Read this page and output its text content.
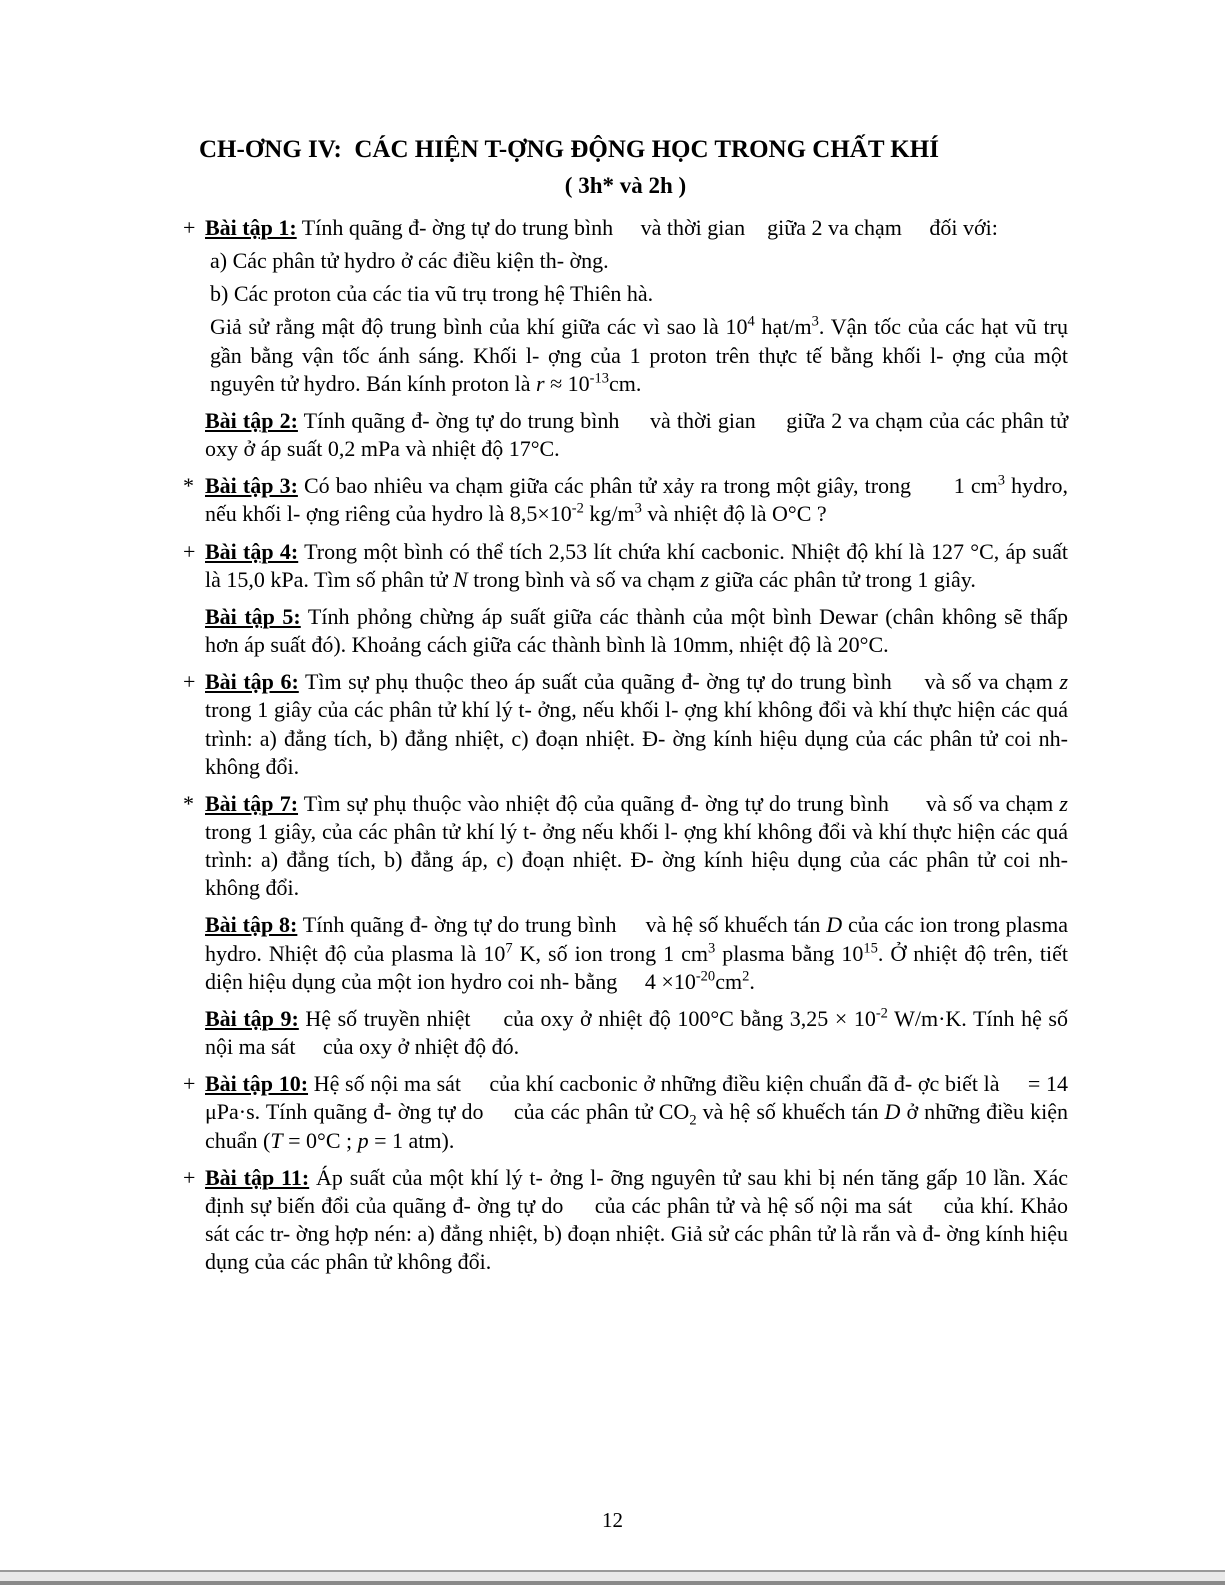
CH-ƠNG IV:  CÁC HIỆN T-ỢNG ĐỘNG HỌC TRONG CHẤT KHÍ
( 3h* và 2h )
+ Bài tập 1: Tính quãng đ- ờng tự do trung bình     và thời gian    giữa 2 va chạm     đối với:
a) Các phân tử hydro ở các điều kiện th- ờng.
b) Các proton của các tia vũ trụ trong hệ Thiên hà.
Giả sử rằng mật độ trung bình của khí giữa các vì sao là $10^4$ hạt/$m^3$. Vận tốc của các hạt vũ trụ gần bằng vận tốc ánh sáng. Khối l- ợng của 1 proton trên thực tế bằng khối l- ợng của một nguyên tử hydro. Bán kính proton là $r \approx 10^{-13}cm$.
Bài tập 2: Tính quãng đ- ờng tự do trung bình     và thời gian     giữa 2 va chạm của các phân tử oxy ở áp suất 0,2 mPa và nhiệt độ 17°C.
* Bài tập 3: Có bao nhiêu va chạm giữa các phân tử xảy ra trong một giây, trong       1 $cm^3$ hydro, nếu khối l- ợng riêng của hydro là $8,5\times 10^{-2}$ $kg/m^3$ và nhiệt độ là O°C ?
+ Bài tập 4: Trong một bình có thể tích 2,53 lít chứa khí cacbonic. Nhiệt độ khí là 127 °C, áp suất là 15,0 kPa. Tìm số phân tử N trong bình và số va chạm z giữa các phân tử trong 1 giây.
Bài tập 5: Tính phỏng chừng áp suất giữa các thành của một bình Dewar (chân không sẽ thấp hơn áp suất đó). Khoảng cách giữa các thành bình là 10mm, nhiệt độ là 20°C.
+ Bài tập 6: Tìm sự phụ thuộc theo áp suất của quãng đ- ờng tự do trung bình     và số va chạm z trong 1 giây của các phân tử khí lý t- ởng, nếu khối l- ợng khí không đổi và khí thực hiện các quá trình: a) đẳng tích, b) đẳng nhiệt, c) đoạn nhiệt. Đ- ờng kính hiệu dụng của các phân tử coi nh- không đổi.
* Bài tập 7: Tìm sự phụ thuộc vào nhiệt độ của quãng đ- ờng tự do trung bình      và số va chạm z trong 1 giây, của các phân tử khí lý t- ởng nếu khối l- ợng khí không đổi và khí thực hiện các quá trình: a) đẳng tích, b) đẳng áp, c) đoạn nhiệt. Đ- ờng kính hiệu dụng của các phân tử coi nh- không đổi.
Bài tập 8: Tính quãng đ- ờng tự do trung bình     và hệ số khuếch tán D của các ion trong plasma hydro. Nhiệt độ của plasma là $10^7$ K, số ion trong 1 $cm^3$ plasma bằng $10^{15}$. Ở nhiệt độ trên, tiết diện hiệu dụng của một ion hydro coi nh- bằng     $4 \times 10^{-20}cm^2$.
Bài tập 9: Hệ số truyền nhiệt     của oxy ở nhiệt độ 100°C bằng $3,25 \times 10^{-2}$ W/m·K. Tính hệ số nội ma sát     của oxy ở nhiệt độ đó.
+ Bài tập 10: Hệ số nội ma sát     của khí cacbonic ở những điều kiện chuẩn đã đ- ợc biết là     = 14 μPa·s. Tính quãng đ- ờng tự do     của các phân tử $CO_2$ và hệ số khuếch tán D ở những điều kiện chuẩn (T = 0°C ; p = 1 atm).
+ Bài tập 11: Áp suất của một khí lý t- ởng l- ỡng nguyên tử sau khi bị nén tăng gấp 10 lần. Xác định sự biến đổi của quãng đ- ờng tự do     của các phân tử và hệ số nội ma sát     của khí. Khảo sát các tr- ờng hợp nén: a) đẳng nhiệt, b) đoạn nhiệt. Giả sử các phân tử là rắn và đ- ờng kính hiệu dụng của các phân tử không đổi.
12
